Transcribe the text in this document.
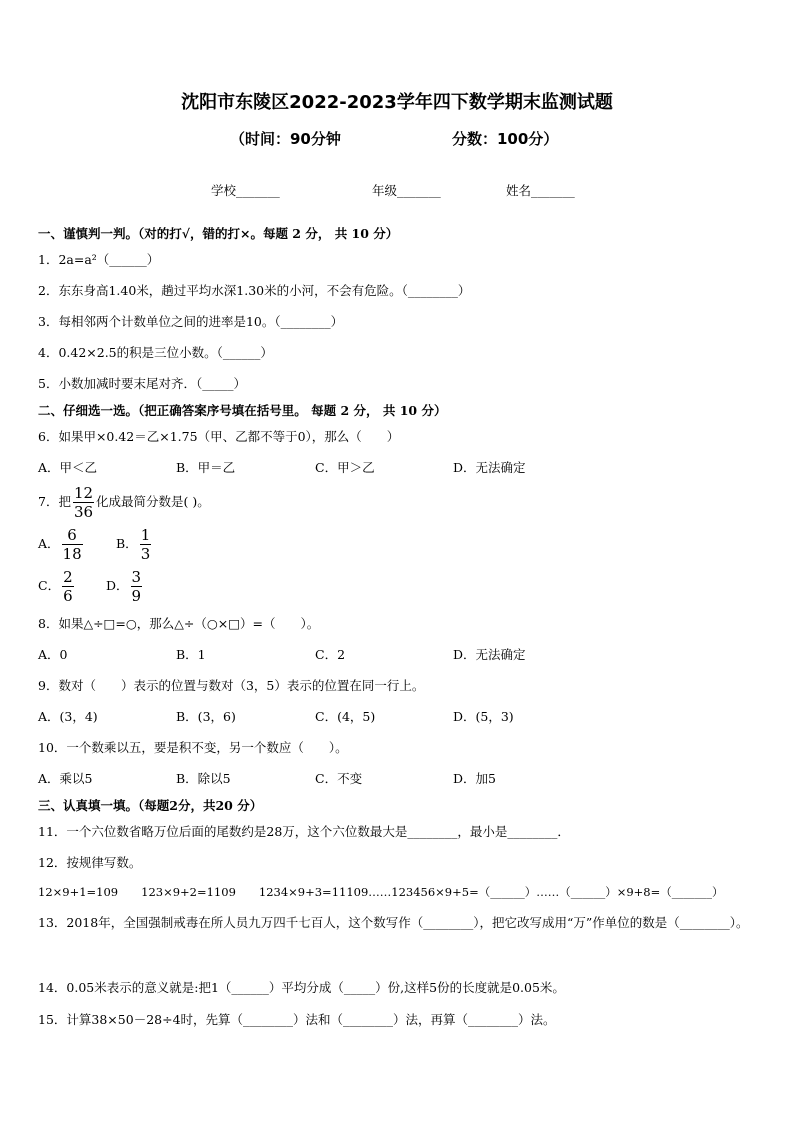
沈阳市东陵区2022-2023学年四下数学期末监测试题
（时间：90分钟	分数：100分）
学校_______	年级_______	姓名_______
一、谨慎判一判。（对的打√，错的打×。每题 2 分， 共 10 分）
1．2a=a²（______）
2．东东身高1.40米，趟过平均水深1.30米的小河，不会有危险。（________）
3．每相邻两个计数单位之间的进率是10。（________）
4．0.42×2.5的积是三位小数。（______）
5．小数加减时要末尾对齐．（_____）
二、仔细选一选。（把正确答案序号填在括号里。 每题 2 分， 共 10 分）
6．如果甲×0.42＝乙×1.75（甲、乙都不等于0），那么（　　）
A．甲＜乙	B．甲＝乙	C．甲＞乙	D．无法确定
7．把 $\frac{12}{36}$ 化成最简分数是( )。
A． $\frac{6}{18}$	B． $\frac{1}{3}$
C． $\frac{2}{6}$	D． $\frac{3}{9}$
8．如果△÷□=○，那么△÷（○×□）=（　　）。
A．0	B．1	C．2	D．无法确定
9．数对（　　）表示的位置与数对（3，5）表示的位置在同一行上。
A．(3，4)	B．(3，6)	C．(4，5)	D．(5，3)
10．一个数乘以五，要是积不变，另一个数应（　　）。
A．乘以5	B．除以5	C．不变	D．加5
三、认真填一填。（每题2分，共20 分）
11．一个六位数省略万位后面的尾数约是28万，这个六位数最大是________，最小是________．
12．按规律写数。
12×9+1=109　　123×9+2=1109　　1234×9+3=11109……123456×9+5=（______）……（______）×9+8=（_______）
13．2018年，全国强制戒毒在所人员九万四千七百人，这个数写作（________），把它改写成用“万”作单位的数是（________）。
14．0.05米表示的意义就是:把1（______）平均分成（_____）份,这样5份的长度就是0.05米。
15．计算38×50－28÷4时，先算（________）法和（________）法，再算（________）法。
